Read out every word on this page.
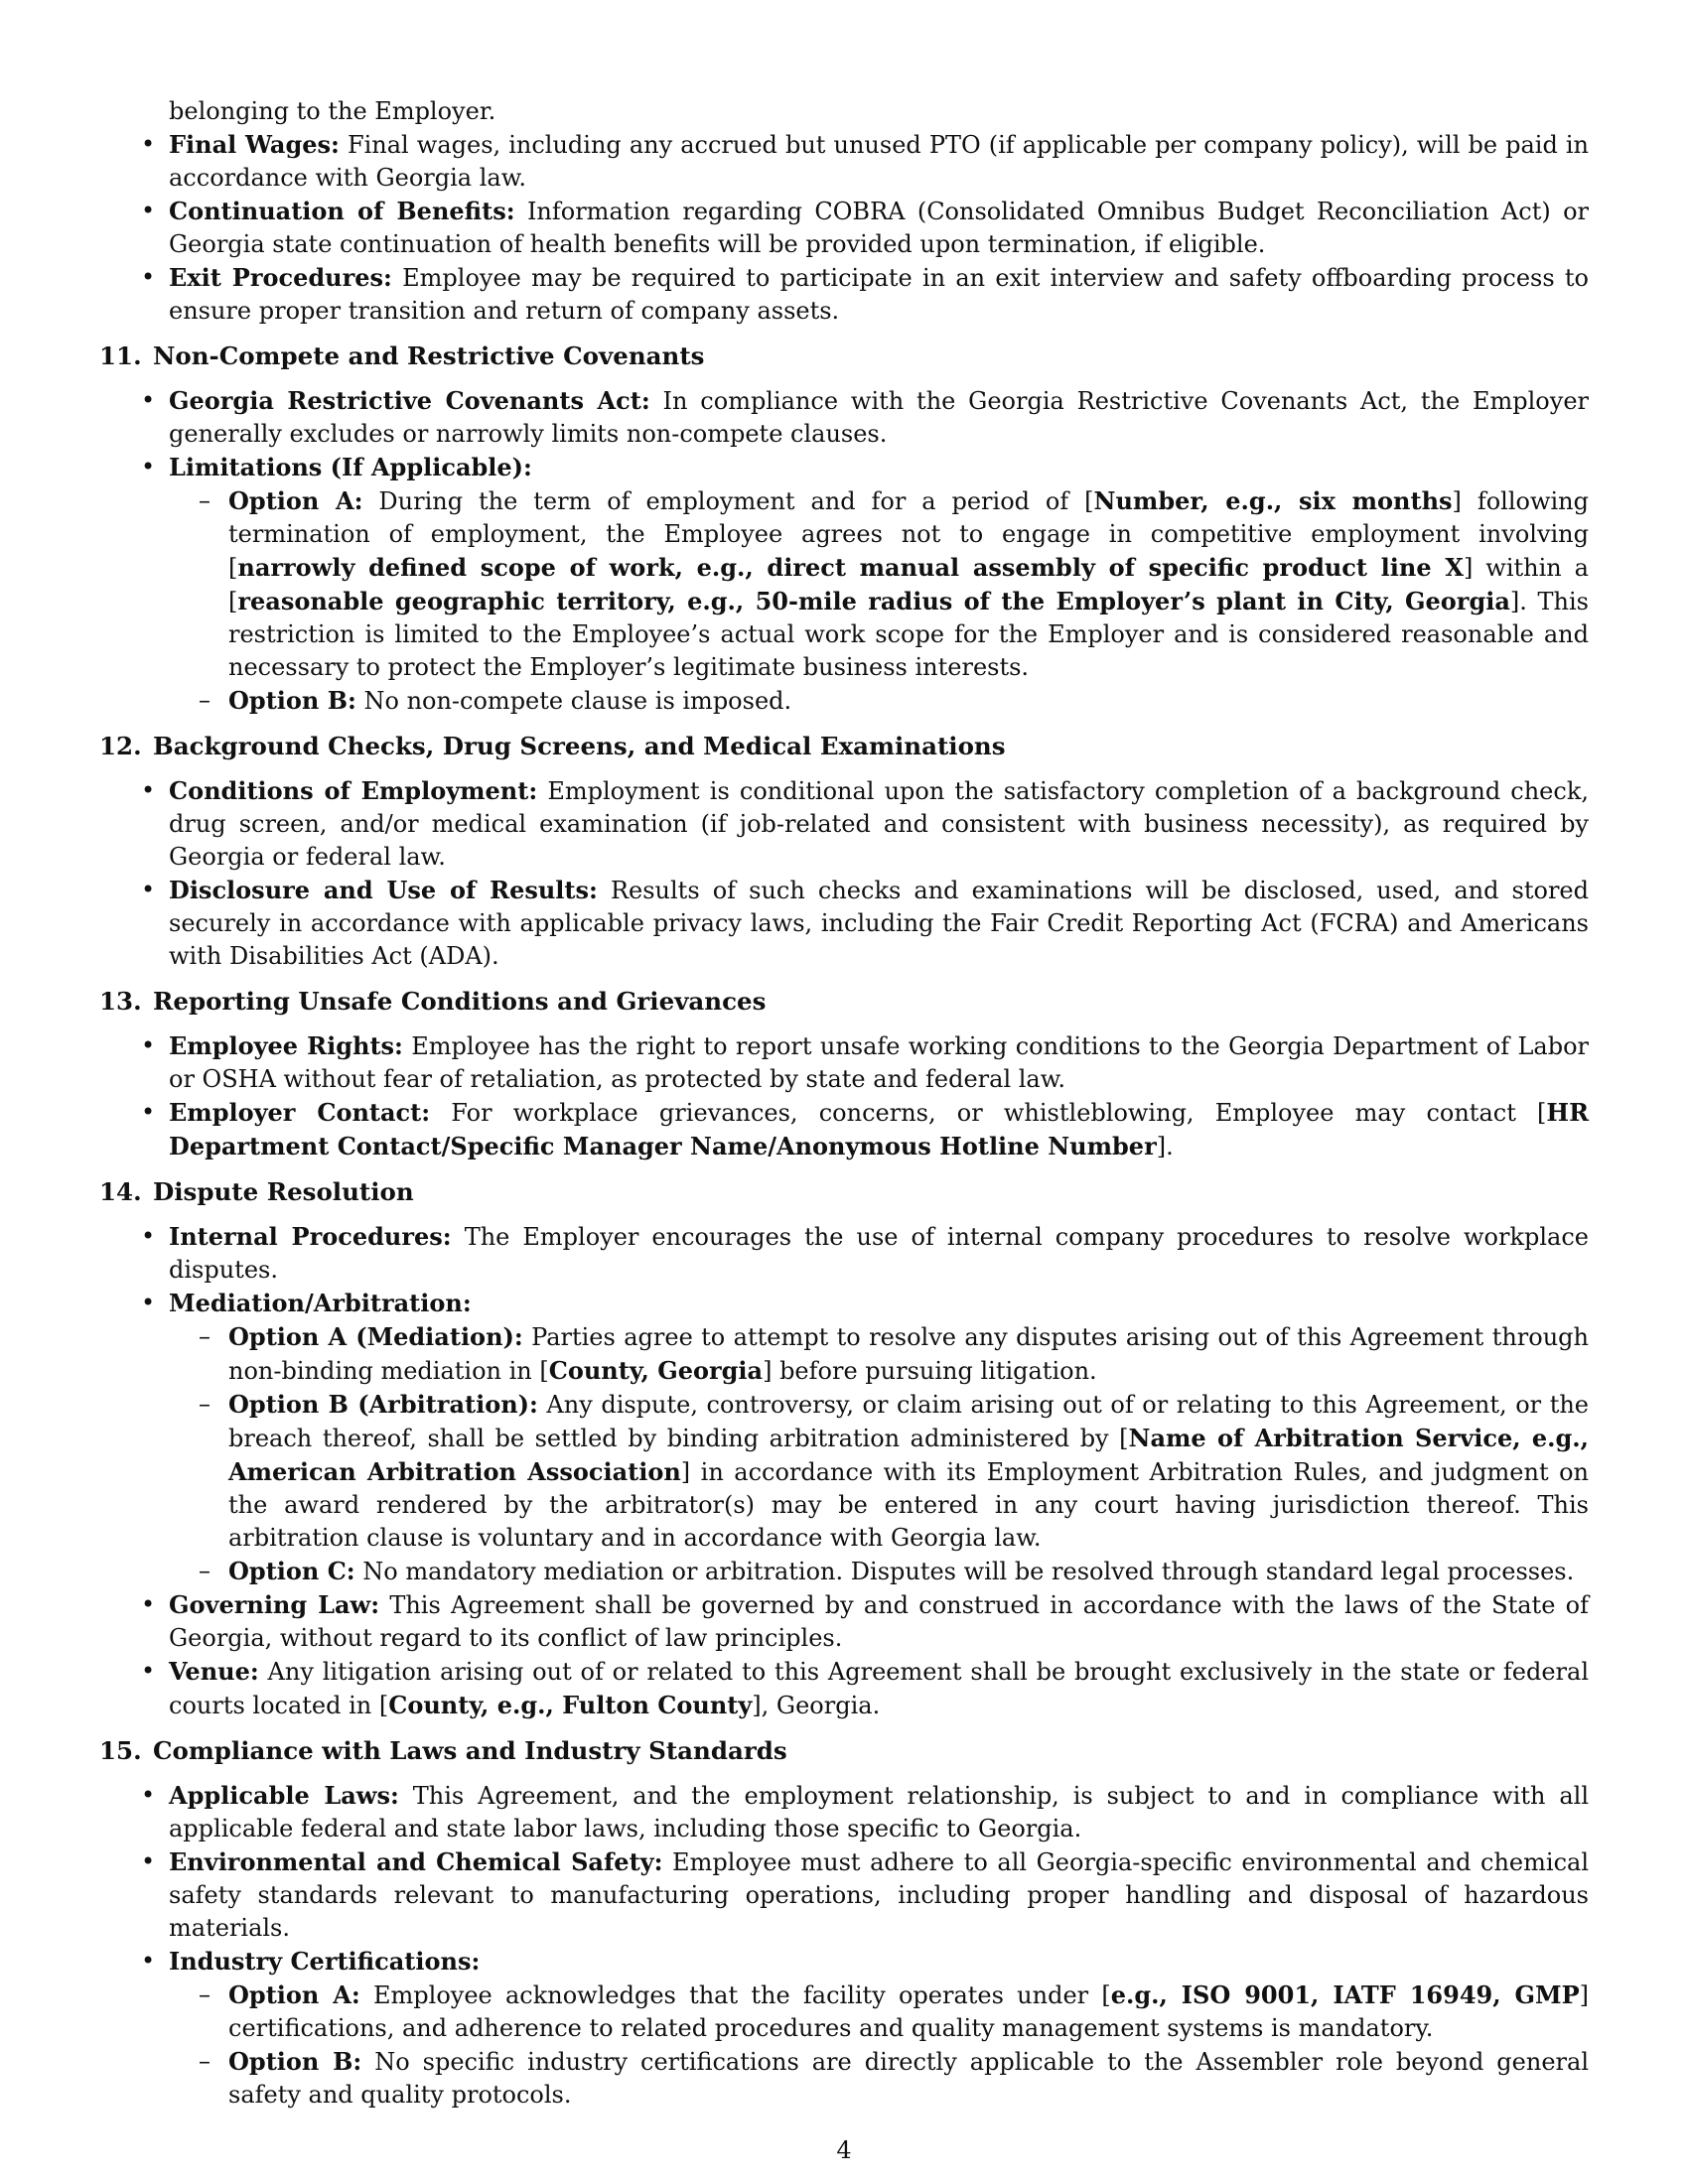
belonging to the Employer.
• Final Wages: Final wages, including any accrued but unused PTO (if applicable per company policy), will be paid in accordance with Georgia law.
• Continuation of Benefits: Information regarding COBRA (Consolidated Omnibus Budget Reconciliation Act) or Georgia state continuation of health benefits will be provided upon termination, if eligible.
• Exit Procedures: Employee may be required to participate in an exit interview and safety offboarding process to ensure proper transition and return of company assets.
11. Non-Compete and Restrictive Covenants
• Georgia Restrictive Covenants Act: In compliance with the Georgia Restrictive Covenants Act, the Employer generally excludes or narrowly limits non-compete clauses.
• Limitations (If Applicable):
– Option A: During the term of employment and for a period of [Number, e.g., six months] following termination of employment, the Employee agrees not to engage in competitive employment involving [narrowly defined scope of work, e.g., direct manual assembly of specific product line X] within a [reasonable geographic territory, e.g., 50-mile radius of the Employer’s plant in City, Georgia]. This restriction is limited to the Employee’s actual work scope for the Employer and is considered reasonable and necessary to protect the Employer’s legitimate business interests.
– Option B: No non-compete clause is imposed.
12. Background Checks, Drug Screens, and Medical Examinations
• Conditions of Employment: Employment is conditional upon the satisfactory completion of a background check, drug screen, and/or medical examination (if job-related and consistent with business necessity), as required by Georgia or federal law.
• Disclosure and Use of Results: Results of such checks and examinations will be disclosed, used, and stored securely in accordance with applicable privacy laws, including the Fair Credit Reporting Act (FCRA) and Americans with Disabilities Act (ADA).
13. Reporting Unsafe Conditions and Grievances
• Employee Rights: Employee has the right to report unsafe working conditions to the Georgia Department of Labor or OSHA without fear of retaliation, as protected by state and federal law.
• Employer Contact: For workplace grievances, concerns, or whistleblowing, Employee may contact [HR Department Contact/Specific Manager Name/Anonymous Hotline Number].
14. Dispute Resolution
• Internal Procedures: The Employer encourages the use of internal company procedures to resolve workplace disputes.
• Mediation/Arbitration:
– Option A (Mediation): Parties agree to attempt to resolve any disputes arising out of this Agreement through non-binding mediation in [County, Georgia] before pursuing litigation.
– Option B (Arbitration): Any dispute, controversy, or claim arising out of or relating to this Agreement, or the breach thereof, shall be settled by binding arbitration administered by [Name of Arbitration Service, e.g., American Arbitration Association] in accordance with its Employment Arbitration Rules, and judgment on the award rendered by the arbitrator(s) may be entered in any court having jurisdiction thereof. This arbitration clause is voluntary and in accordance with Georgia law.
– Option C: No mandatory mediation or arbitration. Disputes will be resolved through standard legal processes.
• Governing Law: This Agreement shall be governed by and construed in accordance with the laws of the State of Georgia, without regard to its conflict of law principles.
• Venue: Any litigation arising out of or related to this Agreement shall be brought exclusively in the state or federal courts located in [County, e.g., Fulton County], Georgia.
15. Compliance with Laws and Industry Standards
• Applicable Laws: This Agreement, and the employment relationship, is subject to and in compliance with all applicable federal and state labor laws, including those specific to Georgia.
• Environmental and Chemical Safety: Employee must adhere to all Georgia-specific environmental and chemical safety standards relevant to manufacturing operations, including proper handling and disposal of hazardous materials.
• Industry Certifications:
– Option A: Employee acknowledges that the facility operates under [e.g., ISO 9001, IATF 16949, GMP] certifications, and adherence to related procedures and quality management systems is mandatory.
– Option B: No specific industry certifications are directly applicable to the Assembler role beyond general safety and quality protocols.
4
